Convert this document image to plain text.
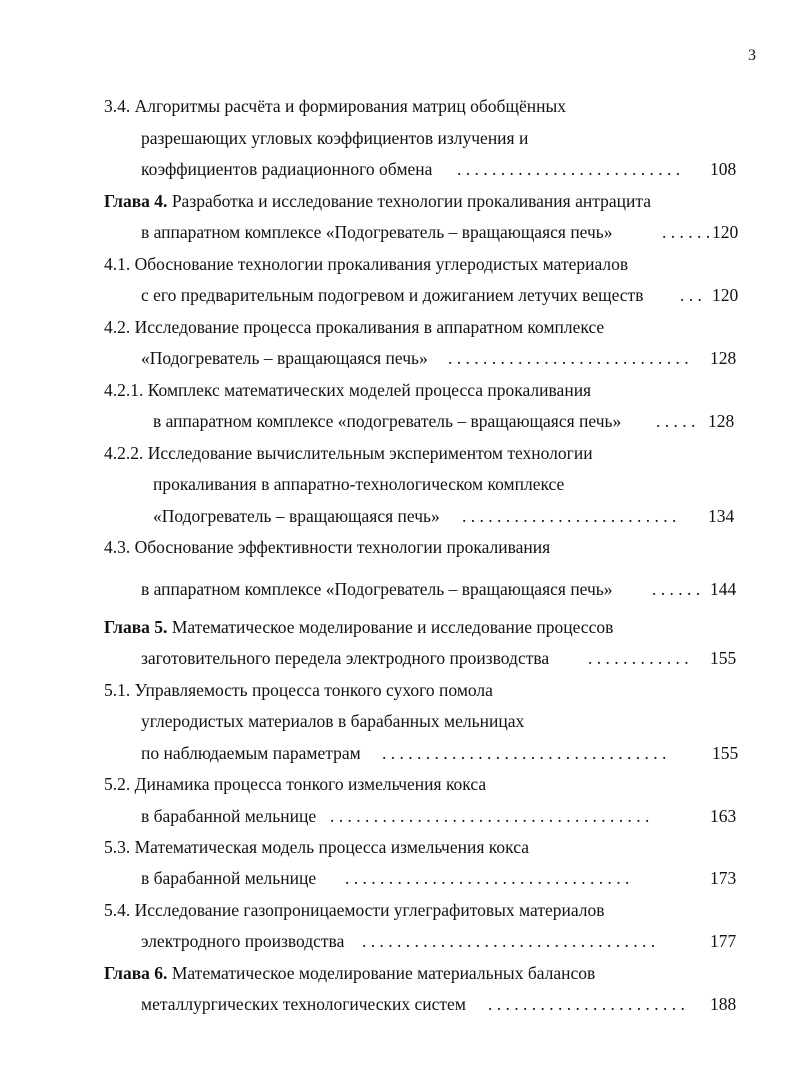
3
3.4. Алгоритмы расчёта и формирования матриц обобщённых
разрешающих угловых коэффициентов излучения и
коэффициентов радиационного обмена . . . . . . . . . . . . . . . . . . . . . . . . . . 108
Глава 4. Разработка и исследование технологии прокаливания антрацита
в аппаратном комплексе «Подогреватель – вращающаяся печь»	. . . . . . 120
4.1. Обоснование технологии прокаливания углеродистых материалов
с его предварительным подогревом и дожиганием летучих веществ . . . 120
4.2. Исследование процесса прокаливания в аппаратном комплексе
«Подогреватель – вращающаяся печь» . . . . . . . . . . . . . . . . . . . . . . . . . . . . 128
4.2.1. Комплекс математических моделей процесса прокаливания
в аппаратном комплексе «подогреватель – вращающаяся печь» . . . . . 128
4.2.2. Исследование вычислительным экспериментом технологии
прокаливания в аппаратно-технологическом комплексе
«Подогреватель – вращающаяся печь» . . . . . . . . . . . . . . . . . . . . . . . . . 134
4.3. Обоснование эффективности технологии прокаливания
в аппаратном комплексе «Подогреватель – вращающаяся печь» . . . . . . 144
Глава 5. Математическое моделирование и исследование процессов
заготовительного передела электродного производства . . . . . . . . . . . . 155
5.1. Управляемость процесса тонкого сухого помола
углеродистых материалов в барабанных мельницах
по наблюдаемым параметрам . . . . . . . . . . . . . . . . . . . . . . . . . . . . . . . . .	155
5.2. Динамика процесса тонкого измельчения кокса
в барабанной мельнице . . . . . . . . . . . . . . . . . . . . . . . . . . . . . . . . . . . . .	163
5.3. Математическая модель процесса измельчения кокса
в барабанной мельнице . . . . . . . . . . . . . . . . . . . . . . . . . . . . . . . . .	173
5.4. Исследование газопроницаемости углеграфитовых материалов
электродного производства . . . . . . . . . . . . . . . . . . . . . . . . . . . . . . . . . .	177
Глава 6. Математическое моделирование материальных балансов
металлургических технологических систем . . . . . . . . . . . . . . . . . . . . . . . 188
